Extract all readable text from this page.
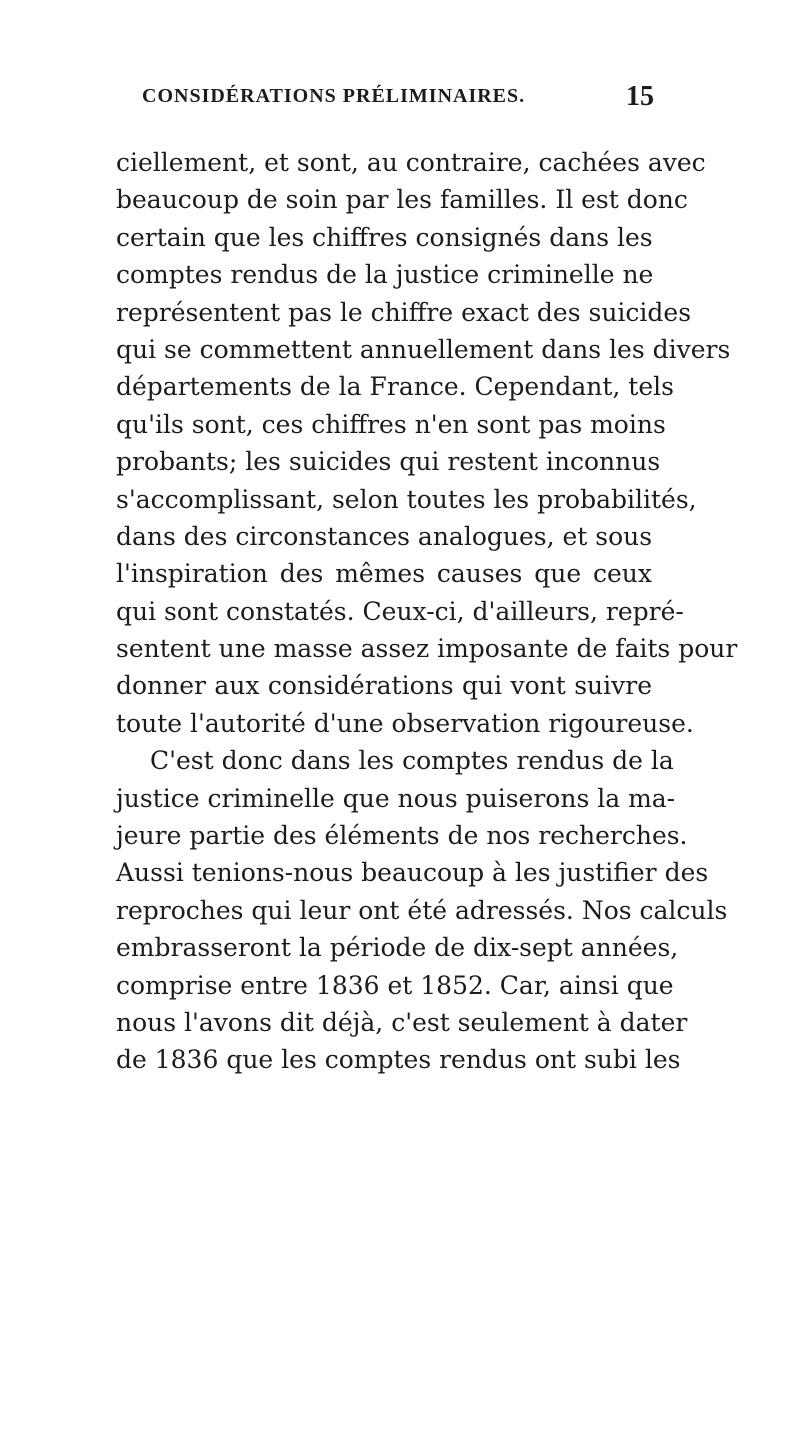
CONSIDÉRATIONS PRÉLIMINAIRES.	15
ciellement, et sont, au contraire, cachées avec
beaucoup de soin par les familles. Il est donc
certain que les chiffres consignés dans les
comptes rendus de la justice criminelle ne
représentent pas le chiffre exact des suicides
qui se commettent annuellement dans les divers
départements de la France. Cependant, tels
qu'ils sont, ces chiffres n'en sont pas moins
probants; les suicides qui restent inconnus
s'accomplissant, selon toutes les probabilités,
dans des circonstances analogues, et sous
l'inspiration des mêmes causes que ceux
qui sont constatés. Ceux-ci, d'ailleurs, repré-
sentent une masse assez imposante de faits pour
donner aux considérations qui vont suivre
toute l'autorité d'une observation rigoureuse.
C'est donc dans les comptes rendus de la
justice criminelle que nous puiserons la ma-
jeure partie des éléments de nos recherches.
Aussi tenions-nous beaucoup à les justifier des
reproches qui leur ont été adressés. Nos calculs
embrasseront la période de dix-sept années,
comprise entre 1836 et 1852. Car, ainsi que
nous l'avons dit déjà, c'est seulement à dater
de 1836 que les comptes rendus ont subi les
